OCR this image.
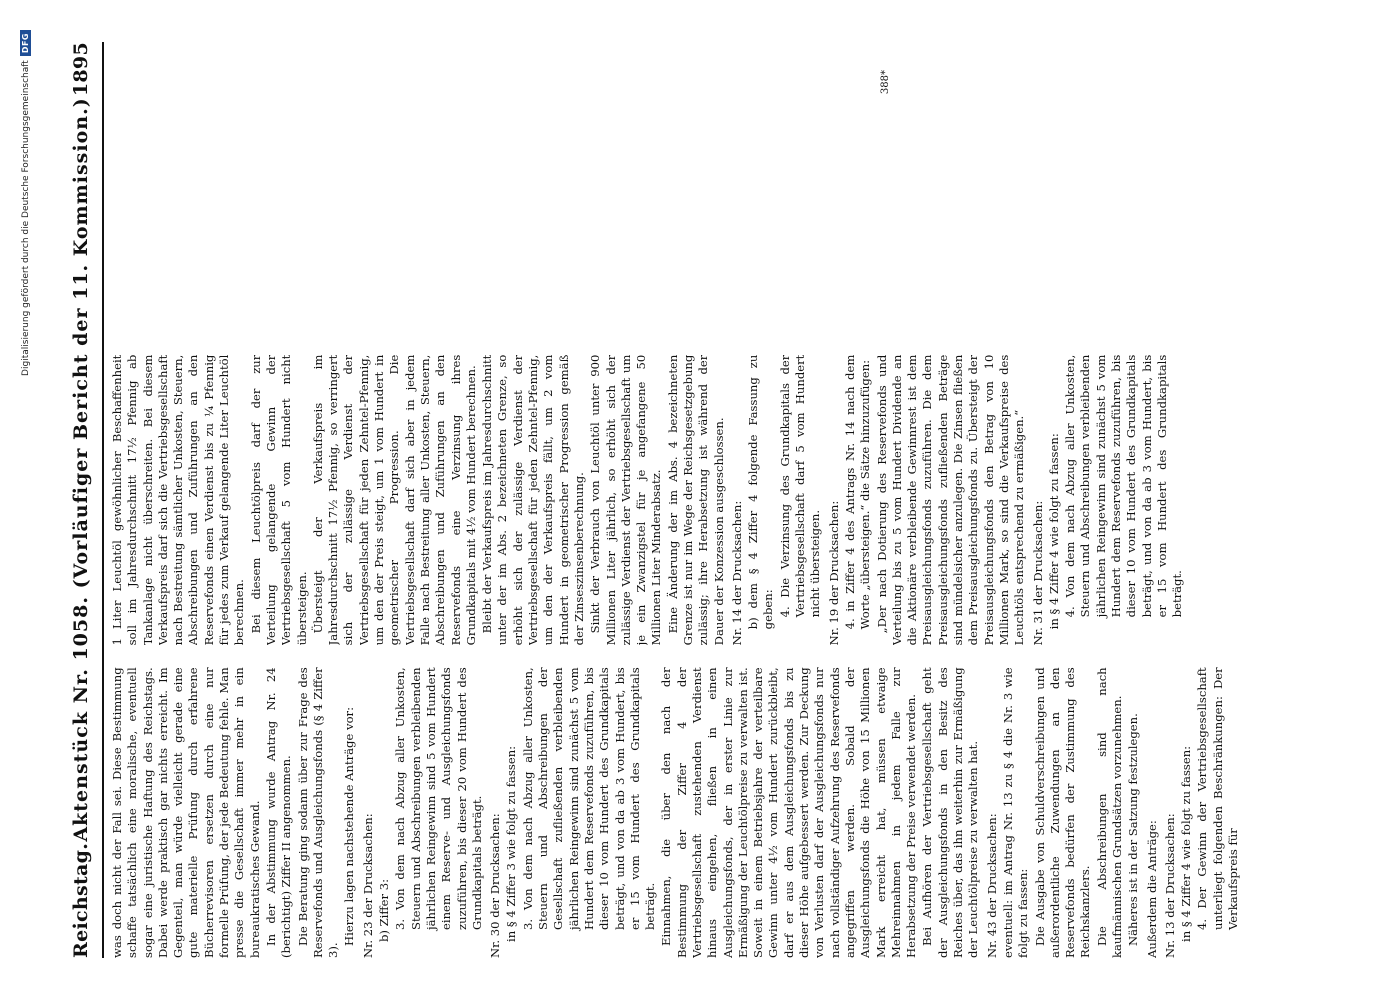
Reichstag.
Aktenstück Nr. 1058. (Vorläufiger Bericht der 11. Kommission.)
1895

was doch nicht der Fall sei. Diese Bestimmung schaffe tatsächlich eine moralische, eventuell sogar eine juristische Haftung des Reichstags. Dabei werde praktisch gar nichts erreicht. Im Gegenteil, man würde vielleicht gerade eine gute materielle Prüfung durch erfahrene Bücherrevisoren ersetzen durch eine nur formelle Prüfung, der jede Bedeutung fehle. Man presse die Gesellschaft immer mehr in ein bureaukratisches Gewand. In der Abstimmung wurde Antrag Nr. 24 (berichtigt) Ziffer II angenommen. Die Beratung ging sodann über zur Frage des Reservefonds und Ausgleichungsfonds (§ 4 Ziffer 3).

Hierzu lagen nachstehende Anträge vor: Nr. 23 der Drucksachen: b) Ziffer 3: 3. Von dem nach Abzug aller Unkosten, Steuern und Abschreibungen verbleibenden jährlichen Reingewinn sind 5 vom Hundert einem Reserve- und Ausgleichungsfonds zuzuführen, bis dieser 20 vom Hundert des Grundkapitals beträgt. Nr. 30 der Drucksachen: in § 4 Ziffer 3 wie folgt zu fassen: 3. Von dem nach Abzug aller Unkosten, Steuern und Abschreibungen der Gesellschaft zufließenden verbleibenden jährlichen Reingewinn sind zunächst 5 vom Hundert dem Reservefonds zuzuführen, bis dieser 10 vom Hundert des Grundkapitals beträgt, und von da ab 3 vom Hundert, bis er 15 vom Hundert des Grundkapitals beträgt. Einnahmen, die über den nach der Bestimmung der Ziffer 4 der Vertriebsgesellschaft zustehenden Verdienst hinaus eingehen, fließen in einen Ausgleichungsfonds, der in erster Linie zur Ermäßigung der Leuchtölpreise zu verwalten ist. Soweit in einem Betriebsjahre der verteilbare Gewinn unter 4½ vom Hundert zurückbleibt, darf er aus dem Ausgleichungsfonds bis zu dieser Höhe aufgebessert werden. Zur Deckung von Verlusten darf der Ausgleichungsfonds nur nach vollständiger Aufzehrung des Reservefonds angegriffen werden. Sobald der Ausgleichungsfonds die Höhe von 15 Millionen Mark erreicht hat, müssen etwaige Mehreinnahmen in jedem Falle zur Herabsetzung der Preise verwendet werden. Bei Aufhören der Vertriebsgesellschaft geht der Ausgleichungsfonds in den Besitz des Reiches über, das ihn weiterhin zur Ermäßigung der Leuchtölpreise zu verwalten hat. Nr. 43 der Drucksachen: eventuell: im Antrag Nr. 13 zu § 4 die Nr. 3 wie folgt zu fassen: Die Ausgabe von Schuldverschreibungen und außerordentliche Zuwendungen an den Reservefonds bedürfen der Zustimmung des Reichskanzlers. Die Abschreibungen sind nach kaufmännischen Grundsätzen vorzunehmen. Näheres ist in der Satzung festzulegen. Außerdem die Anträge: Nr. 13 der Drucksachen: in § 4 Ziffer 4 wie folgt zu fassen: 4. Der Gewinn der Vertriebsgesellschaft unterliegt folgenden Beschränkungen: Der Verkaufspreis für

1 Liter Leuchtöl gewöhnlicher Beschaffenheit soll im Jahresdurchschnitt 17½ Pfennig ab Tankanlage nicht überschreiten. Bei diesem Verkaufspreis darf sich die Vertriebsgesellschaft nach Bestreitung sämtlicher Unkosten, Steuern, Abschreibungen und Zuführungen an den Reservefonds einen Verdienst bis zu ¼ Pfennig für jedes zum Verkauf gelangende Liter Leuchtöl berechnen. Bei diesem Leuchtölpreis darf der zur Verteilung gelangende Gewinn der Vertriebsgesellschaft 5 vom Hundert nicht übersteigen. Übersteigt der Verkaufspreis im Jahresdurchschnitt 17½ Pfennig, so verringert sich der zulässige Verdienst der Vertriebsgesellschaft für jeden Zehntel-Pfennig, um den der Preis steigt, um 1 vom Hundert in geometrischer Progression. Die Vertriebsgesellschaft darf sich aber in jedem Falle nach Bestreitung aller Unkosten, Steuern, Abschreibungen und Zuführungen an den Reservefonds eine Verzinsung ihres Grundkapitals mit 4½ vom Hundert berechnen. Bleibt der Verkaufspreis im Jahresdurchschnitt unter der im Abs. 2 bezeichneten Grenze, so erhöht sich der zulässige Verdienst der Vertriebsgesellschaft für jeden Zehntel-Pfennig, um den der Verkaufspreis fällt, um 2 vom Hundert in geometrischer Progression gemäß der Zinseszinsenberechnung. Sinkt der Verbrauch von Leuchtöl unter 900 Millionen Liter jährlich, so erhöht sich der zulässige Verdienst der Vertriebsgesellschaft um je ein Zwanzigstel für je angefangene 50 Millionen Liter Minderabsatz. Eine Änderung der im Abs. 4 bezeichneten Grenze ist nur im Wege der Reichsgesetzgebung zulässig; ihre Herabsetzung ist während der Dauer der Konzession ausgeschlossen. Nr. 14 der Drucksachen: b) dem § 4 Ziffer 4 folgende Fassung zu geben: 4. Die Verzinsung des Grundkapitals der Vertriebsgesellschaft darf 5 vom Hundert nicht übersteigen. Nr. 19 der Drucksachen: 4. in Ziffer 4 des Antrags Nr. 14 nach dem Worte „übersteigen.“ die Sätze hinzuzufügen: „Der nach Dotierung des Reservefonds und Verteilung bis zu 5 vom Hundert Dividende an die Aktionäre verbleibende Gewinnrest ist dem Preisausgleichungsfonds zuzuführen. Die dem Preisausgleichungsfonds zufließenden Beträge sind mündelsicher anzulegen. Die Zinsen fließen dem Preisausgleichungsfonds zu. Übersteigt der Preisausgleichungsfonds den Betrag von 10 Millionen Mark, so sind die Verkaufspreise des Leuchtöls entsprechend zu ermäßigen.“ Nr. 31 der Drucksachen: in § 4 Ziffer 4 wie folgt zu fassen: 4. Von dem nach Abzug aller Unkosten, Steuern und Abschreibungen verbleibenden jährlichen Reingewinn sind zunächst 5 vom Hundert dem Reservefonds zuzuführen, bis dieser 10 vom Hundert des Grundkapitals beträgt, und von da ab 3 vom Hundert, bis er 15 vom Hundert des Grundkapitals beträgt.

388*
Digitalisierung gefördert durch die Deutsche Forschungsgemeinschaft
DFG
